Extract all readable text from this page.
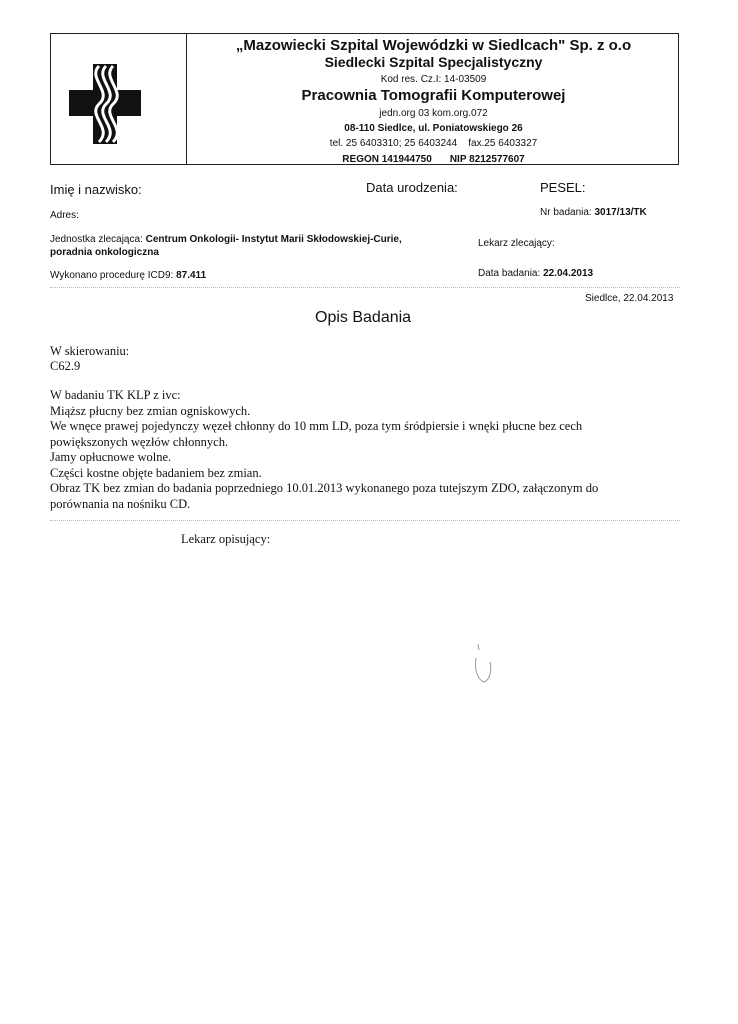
„Mazowiecki Szpital Wojewódzki w Siedlcach" Sp. z o.o
Siedlecki Szpital Specjalistyczny
Kod res. Cz.I: 14-03509
Pracownia Tomografii Komputerowej
jedn.org 03 kom.org.072
08-110 Siedlce, ul. Poniatowskiego 26
tel. 25 6403310; 25 6403244    fax.25 6403327
REGON 141944750 NIP 8212577607
Imię i nazwisko:	Data urodzenia:	PESEL:
Adres:	Nr badania: 3017/13/TK
Jednostka zlecająca: Centrum Onkologii- Instytut Marii Skłodowskiej-Curie,
poradnia onkologiczna
Lekarz zlecający:
Wykonano procedurę ICD9: 87.411	Data badania: 22.04.2013
Siedlce, 22.04.2013
Opis Badania
W skierowaniu:
C62.9
W badaniu TK KLP z ivc:
Miąższ płucny bez zmian ogniskowych.
We wnęce prawej pojedynczy węzeł chłonny do 10 mm LD, poza tym śródpiersie i wnęki płucne bez cech
powiększonych węzłów chłonnych.
Jamy opłucnowe wolne.
Części kostne objęte badaniem bez zmian.
Obraz TK bez zmian do badania poprzedniego 10.01.2013 wykonanego poza tutejszym ZDO, załączonym do
porównania na nośniku CD.
Lekarz opisujący:
